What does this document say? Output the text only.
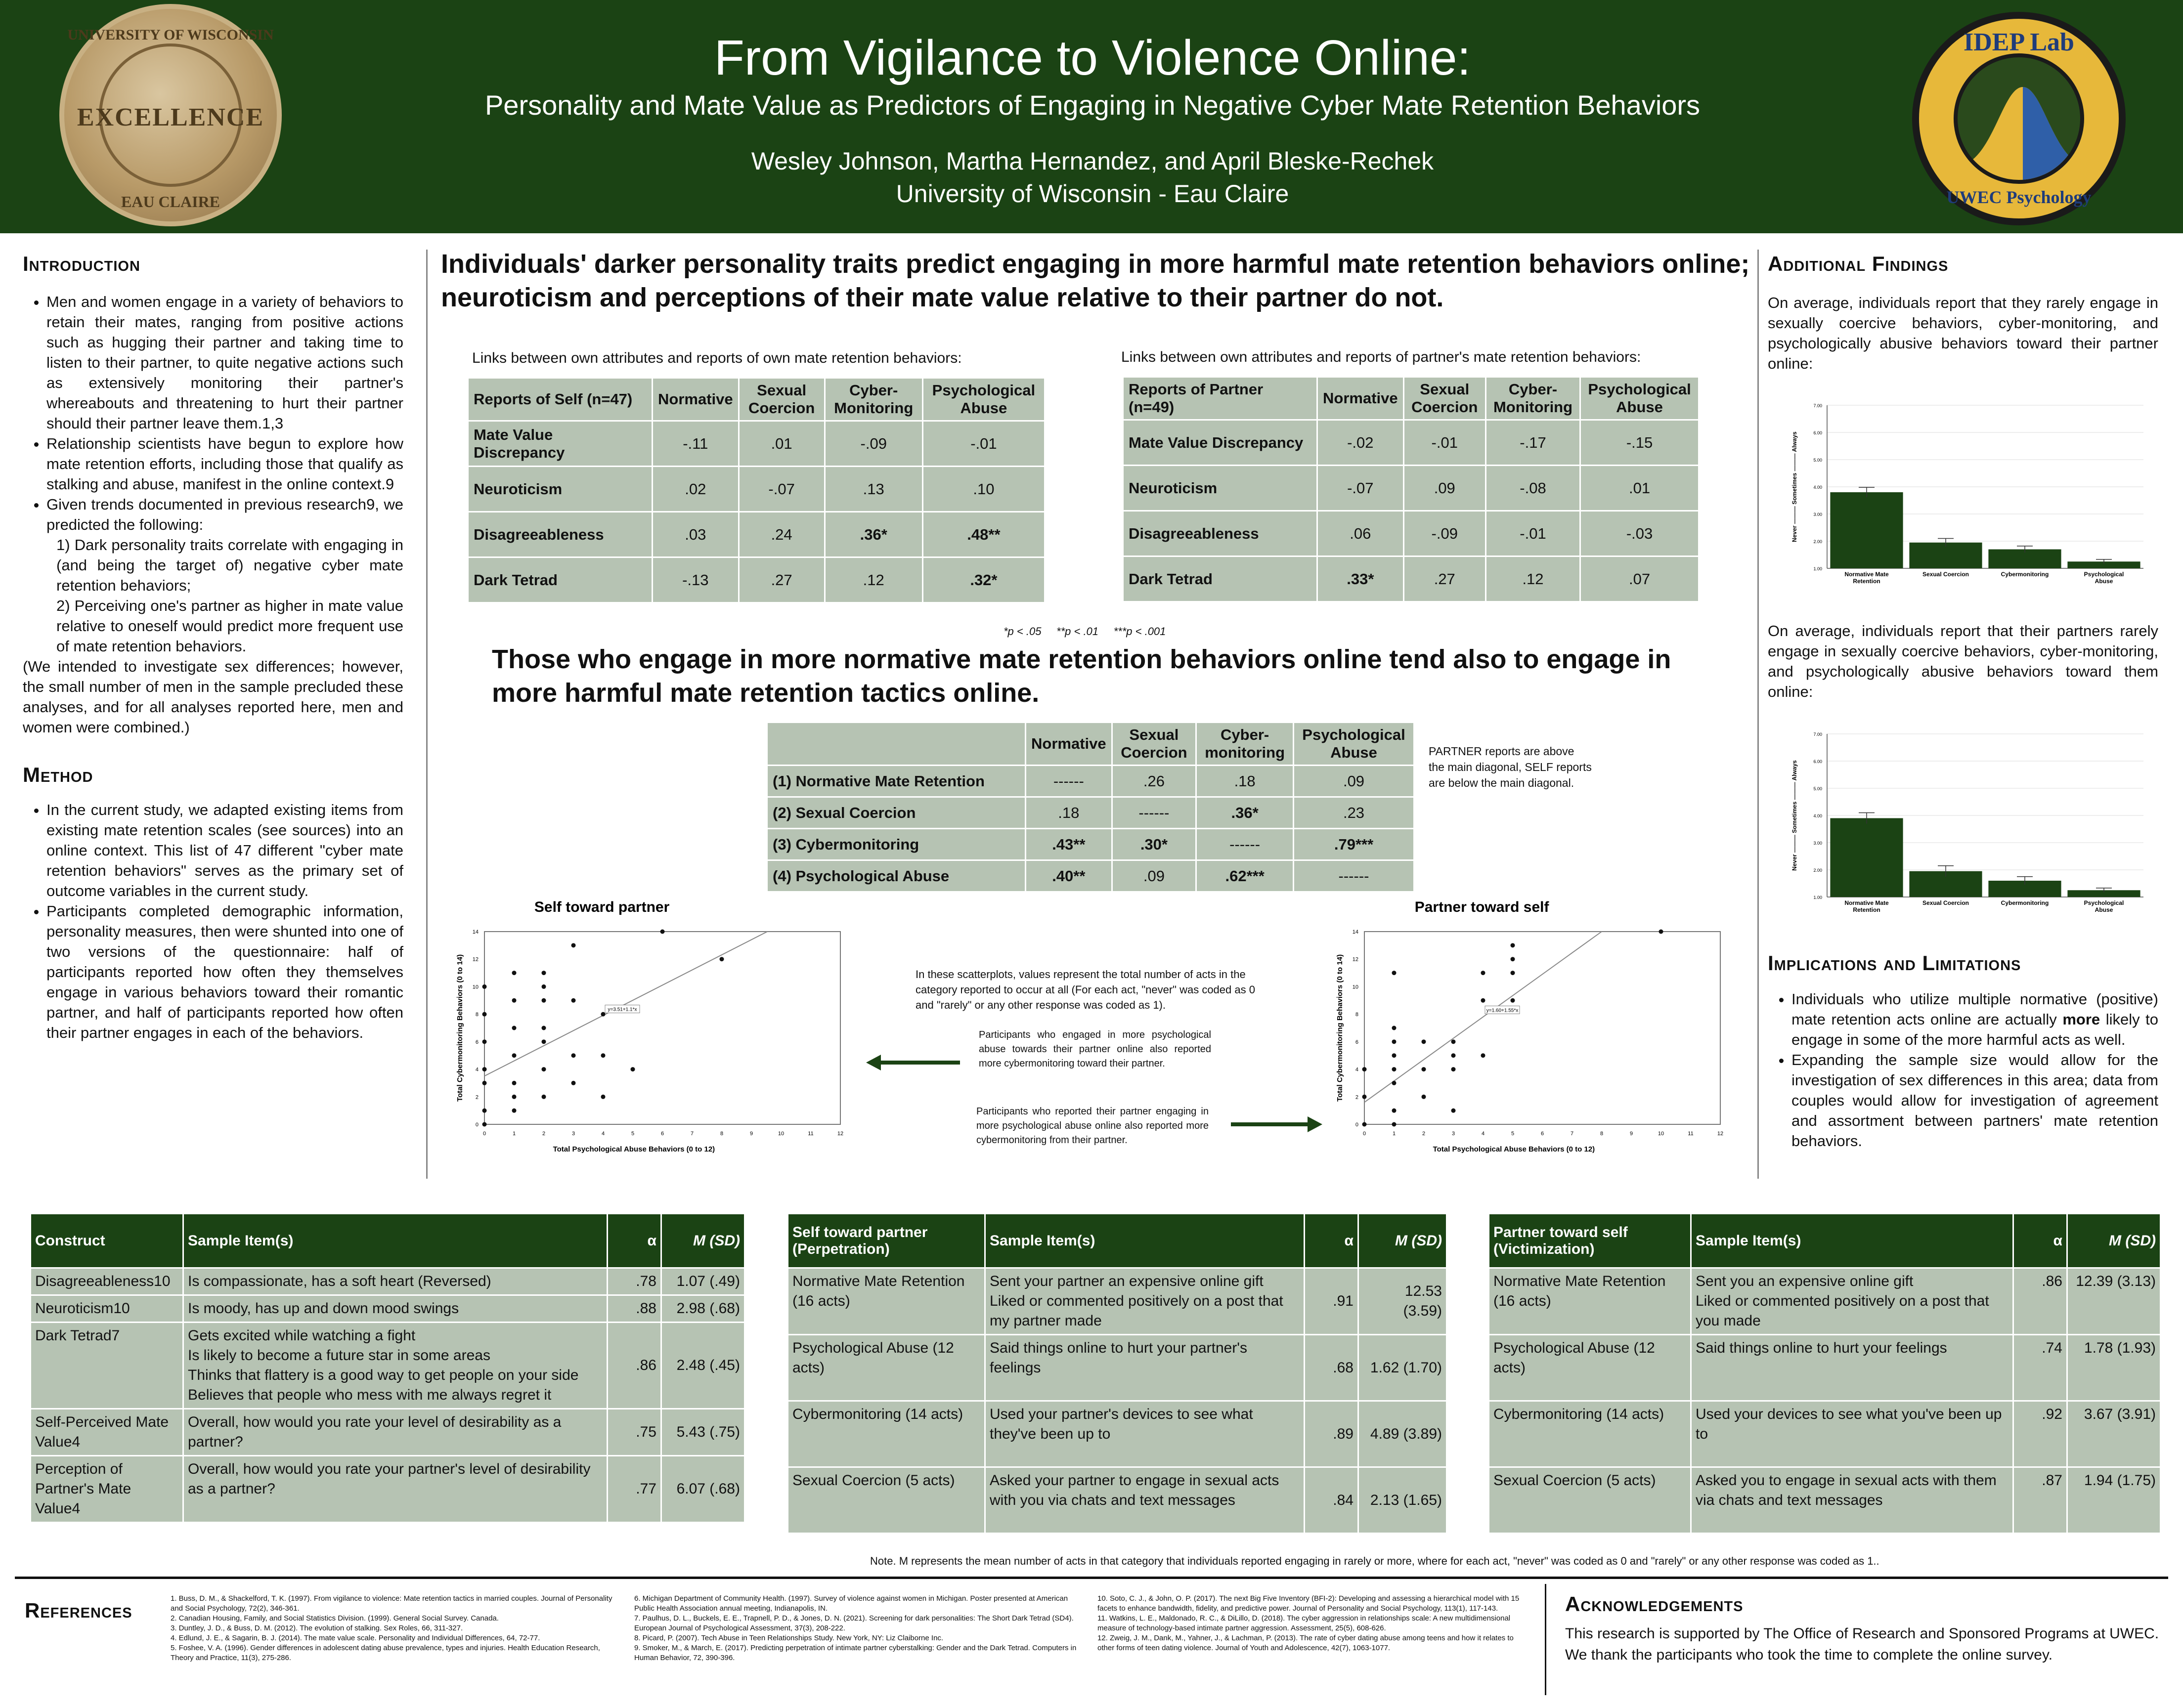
UNIVERSITY OF WISCONSIN
EXCELLENCE
EAU CLAIRE
IDEP Lab
UWEC Psychology
From Vigilance to Violence Online:
Personality and Mate Value as Predictors of Engaging in Negative Cyber Mate Retention Behaviors
Wesley Johnson, Martha Hernandez, and April Bleske-Rechek
University of Wisconsin - Eau Claire
Introduction
• Men and women engage in a variety of behaviors to retain their mates, ranging from positive actions such as hugging their partner and taking time to listen to their partner, to quite negative actions such as extensively monitoring their partner's whereabouts and threatening to hurt their partner should their partner leave them.1,3
• Relationship scientists have begun to explore how mate retention efforts, including those that qualify as stalking and abuse, manifest in the online context.9
• Given trends documented in previous research9, we predicted the following:
1) Dark personality traits correlate with engaging in (and being the target of) negative cyber mate retention behaviors;
2) Perceiving one's partner as higher in mate value relative to oneself would predict more frequent use of mate retention behaviors.
(We intended to investigate sex differences; however, the small number of men in the sample precluded these analyses, and for all analyses reported here, men and women were combined.)
Method
• In the current study, we adapted existing items from existing mate retention scales (see sources) into an online context. This list of 47 different "cyber mate retention behaviors" serves as the primary set of outcome variables in the current study.
• Participants completed demographic information, personality measures, then were shunted into one of two versions of the questionnaire: half of participants reported how often they themselves engage in various behaviors toward their romantic partner, and half of participants reported how often their partner engages in each of the behaviors.
Individuals' darker personality traits predict engaging in more harmful mate retention behaviors online; neuroticism and perceptions of their mate value relative to their partner do not.
Links between own attributes and reports of own mate retention behaviors:
Reports of Self (n=47)	Normative	Sexual Coercion	Cyber-Monitoring	Psychological Abuse
Mate Value Discrepancy	-.11	.01	-.09	-.01
Neuroticism	.02	-.07	.13	.10
Disagreeableness	.03	.24	.36*	.48**
Dark Tetrad	-.13	.27	.12	.32*
Links between own attributes and reports of partner's mate retention behaviors:
Reports of Partner (n=49)	Normative	Sexual Coercion	Cyber-Monitoring	Psychological Abuse
Mate Value Discrepancy	-.02	-.01	-.17	-.15
Neuroticism	-.07	.09	-.08	.01
Disagreeableness	.06	-.09	-.01	-.03
Dark Tetrad	.33*	.27	.12	.07
*p < .05     **p < .01     ***p < .001
Those who engage in more normative mate retention behaviors online tend also to engage in more harmful mate retention tactics online.
	Normative	Sexual Coercion	Cyber-monitoring	Psychological Abuse
(1) Normative Mate Retention	------	.26	.18	.09
(2) Sexual Coercion	.18	------	.36*	.23
(3) Cybermonitoring	.43**	.30*	------	.79***
(4) Psychological Abuse	.40**	.09	.62***	------
PARTNER reports are above the main diagonal, SELF reports are below the main diagonal.
Self toward partner
0	1	2	3	4	5	6	7	8	9	10	11	12
0
2
4
6
8
10
12
14
Total Psychological Abuse Behaviors (0 to 12)
Total Cybermonitoring Behaviors (0 to 14)	y=3.51+1.1*x
Partner toward self
0	1	2	3	4	5	6	7	8	9	10	11	12
0
2
4
6
8
10
12
14
Total Psychological Abuse Behaviors (0 to 12)
Total Cybermonitoring Behaviors (0 to 14)	y=1.60+1.55*x
In these scatterplots, values represent the total number of acts in the category reported to occur at all (For each act, "never" was coded as 0 and "rarely" or any other response was coded as 1).
Participants who engaged in more psychological abuse towards their partner online also reported more cybermonitoring toward their partner.
Participants who reported their partner engaging in more psychological abuse online also reported more cybermonitoring from their partner.
Additional Findings
On average, individuals report that they rarely engage in sexually coercive behaviors, cyber-monitoring, and psychologically abusive behaviors toward their partner online:
1.00
2.00
3.00
4.00
5.00
6.00
7.00
Never ——— Sometimes ——— Always
Normative Mate Retention
Sexual Coercion	Cybermonitoring	Psychological Abuse
On average, individuals report that their partners rarely engage in sexually coercive behaviors, cyber-monitoring, and psychologically abusive behaviors toward them online:
1.00
2.00
3.00
4.00
5.00
6.00
7.00
Never ——— Sometimes ——— Always
Normative Mate Retention
Sexual Coercion	Cybermonitoring	Psychological Abuse
Implications and Limitations
• Individuals who utilize multiple normative (positive) mate retention acts online are actually more likely to engage in some of the more harmful acts as well.
• Expanding the sample size would allow for the investigation of sex differences in this area; data from couples would allow for investigation of agreement and assortment between partners' mate retention behaviors.
Construct	Sample Item(s)	α	M (SD)
Disagreeableness10	Is compassionate, has a soft heart (Reversed)	.78	1.07 (.49)
Neuroticism10	Is moody, has up and down mood swings	.88	2.98 (.68)
Dark Tetrad7	Gets excited while watching a fight
Is likely to become a future star in some areas
Thinks that flattery is a good way to get people on your side
Believes that people who mess with me always regret it	.86	2.48 (.45)
Self-Perceived Mate Value4	Overall, how would you rate your level of desirability as a partner?	.75	5.43 (.75)
Perception of Partner's Mate Value4	Overall, how would you rate your partner's level of desirability as a partner?	.77	6.07 (.68)
Self toward partner (Perpetration)	Sample Item(s)	α	M (SD)
Normative Mate Retention (16 acts)	Sent your partner an expensive online gift
Liked or commented positively on a post that my partner made	.91	12.53 (3.59)
Psychological Abuse (12 acts)	Said things online to hurt your partner's feelings	.68	1.62 (1.70)
Cybermonitoring (14 acts)	Used your partner's devices to see what they've been up to	.89	4.89 (3.89)
Sexual Coercion (5 acts)	Asked your partner to engage in sexual acts with you via chats and text messages	.84	2.13 (1.65)
Partner toward self (Victimization)	Sample Item(s)	α	M (SD)
Normative Mate Retention (16 acts)	Sent you an expensive online gift
Liked or commented positively on a post that you made	.86	12.39 (3.13)
Psychological Abuse (12 acts)	Said things online to hurt your feelings	.74	1.78 (1.93)
Cybermonitoring (14 acts)	Used your devices to see what you've been up to	.92	3.67 (3.91)
Sexual Coercion (5 acts)	Asked you to engage in sexual acts with them via chats and text messages	.87	1.94 (1.75)
Note. M represents the mean number of acts in that category that individuals reported engaging in rarely or more, where for each act, "never" was coded as 0 and "rarely" or any other response was coded as 1..
References
1. Buss, D. M., & Shackelford, T. K. (1997). From vigilance to violence: Mate retention tactics in married couples. Journal of Personality and Social Psychology, 72(2), 346-361.
2. Canadian Housing, Family, and Social Statistics Division. (1999). General Social Survey. Canada.
3. Duntley, J. D., & Buss, D. M. (2012). The evolution of stalking. Sex Roles, 66, 311-327.
4. Edlund, J. E., & Sagarin, B. J. (2014). The mate value scale. Personality and Individual Differences, 64, 72-77.
5. Foshee, V. A. (1996). Gender differences in adolescent dating abuse prevalence, types and injuries. Health Education Research, Theory and Practice, 11(3), 275-286.
6. Michigan Department of Community Health. (1997). Survey of violence against women in Michigan. Poster presented at American Public Health Association annual meeting, Indianapolis, IN.
7. Paulhus, D. L., Buckels, E. E., Trapnell, P. D., & Jones, D. N. (2021). Screening for dark personalities: The Short Dark Tetrad (SD4). European Journal of Psychological Assessment, 37(3), 208-222.
8. Picard, P. (2007). Tech Abuse in Teen Relationships Study. New York, NY: Liz Claiborne Inc.
9. Smoker, M., & March, E. (2017). Predicting perpetration of intimate partner cyberstalking: Gender and the Dark Tetrad. Computers in Human Behavior, 72, 390-396.
10. Soto, C. J., & John, O. P. (2017). The next Big Five Inventory (BFI-2): Developing and assessing a hierarchical model with 15 facets to enhance bandwidth, fidelity, and predictive power. Journal of Personality and Social Psychology, 113(1), 117-143.
11. Watkins, L. E., Maldonado, R. C., & DiLillo, D. (2018). The cyber aggression in relationships scale: A new multidimensional measure of technology-based intimate partner aggression. Assessment, 25(5), 608-626.
12. Zweig, J. M., Dank, M., Yahner, J., & Lachman, P. (2013). The rate of cyber dating abuse among teens and how it relates to other forms of teen dating violence. Journal of Youth and Adolescence, 42(7), 1063-1077.
Acknowledgements
This research is supported by The Office of Research and Sponsored Programs at UWEC. We thank the participants who took the time to complete the online survey.
